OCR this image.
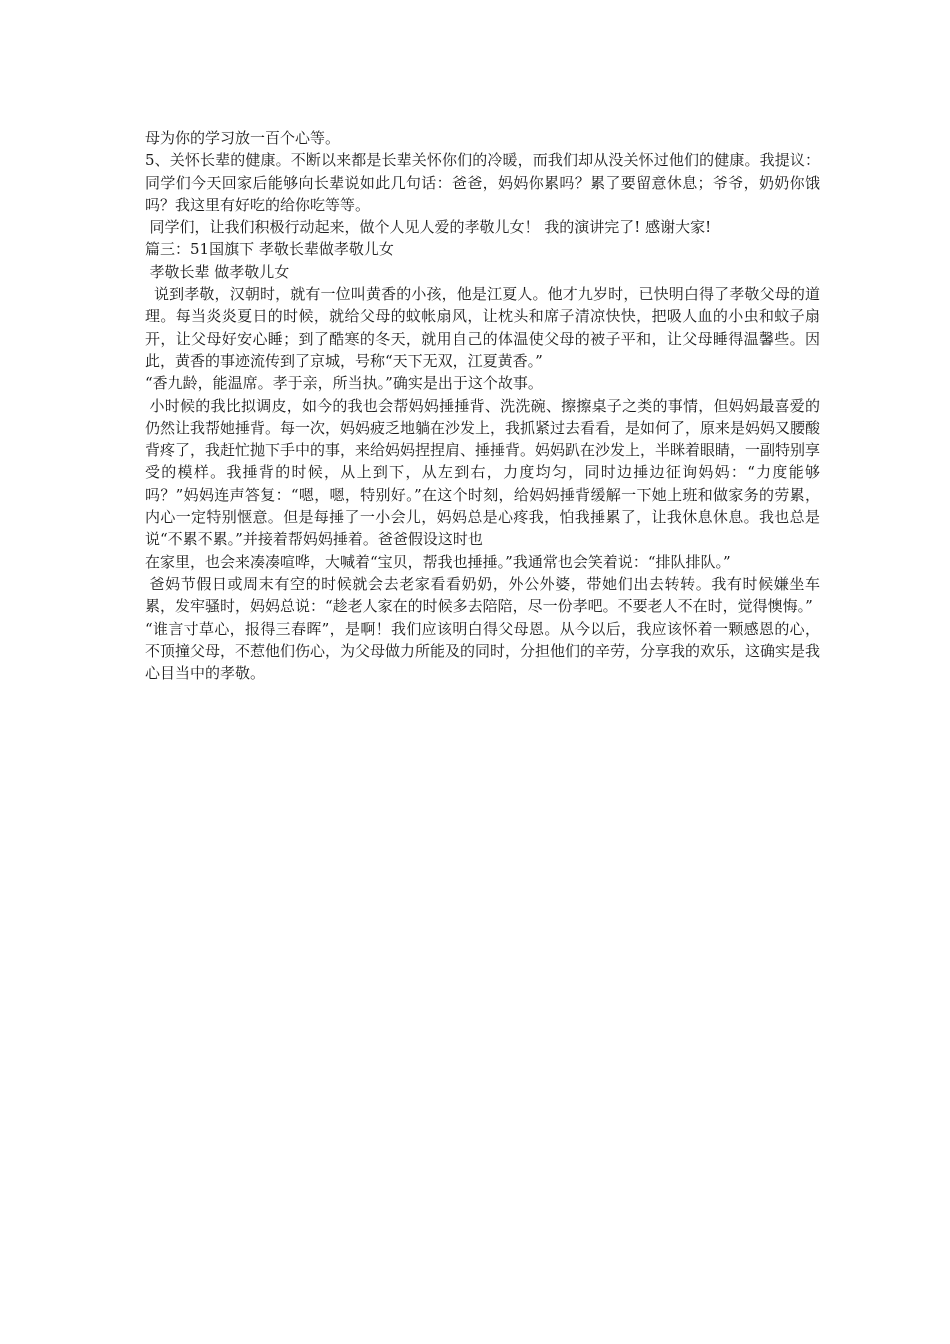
母为你的学习放一百个心等。

5、关怀长辈的健康。不断以来都是长辈关怀你们的冷暖，而我们却从没关怀过他们的健康。我提议：同学们今天回家后能够向长辈说如此几句话：爸爸，妈妈你累吗？累了要留意休息；爷爷，奶奶你饿吗？我这里有好吃的给你吃等等。

同学们，让我们积极行动起来，做个人见人爱的孝敬儿女！ 我的演讲完了! 感谢大家!

篇三：51国旗下 孝敬长辈做孝敬儿女

孝敬长辈 做孝敬儿女

说到孝敬，汉朝时，就有一位叫黄香的小孩，他是江夏人。他才九岁时，已快明白得了孝敬父母的道理。每当炎炎夏日的时候，就给父母的蚊帐扇风，让枕头和席子清凉快快，把吸人血的小虫和蚊子扇开，让父母好安心睡；到了酷寒的冬天，就用自己的体温使父母的被子平和，让父母睡得温馨些。因此，黄香的事迹流传到了京城，号称“天下无双，江夏黄香。”

“香九龄，能温席。孝于亲，所当执。”确实是出于这个故事。

小时候的我比拟调皮，如今的我也会帮妈妈捶捶背、洗洗碗、擦擦桌子之类的事情，但妈妈最喜爱的仍然让我帮她捶背。每一次，妈妈疲乏地躺在沙发上，我抓紧过去看看，是如何了，原来是妈妈又腰酸背疼了，我赶忙抛下手中的事，来给妈妈捏捏肩、捶捶背。妈妈趴在沙发上，半眯着眼睛，一副特别享受的模样。我捶背的时候，从上到下，从左到右，力度均匀，同时边捶边征询妈妈：“力度能够吗？”妈妈连声答复：“嗯，嗯，特别好。”在这个时刻，给妈妈捶背缓解一下她上班和做家务的劳累，内心一定特别惬意。但是每捶了一小会儿，妈妈总是心疼我，怕我捶累了，让我休息休息。我也总是说“不累不累。”并接着帮妈妈捶着。爸爸假设这时也

在家里，也会来凑凑喧哗，大喊着“宝贝，帮我也捶捶。”我通常也会笑着说：“排队排队。”

爸妈节假日或周末有空的时候就会去老家看看奶奶，外公外婆，带她们出去转转。我有时候嫌坐车累，发牢骚时，妈妈总说：“趁老人家在的时候多去陪陪，尽一份孝吧。不要老人不在时，觉得懊悔。”

“谁言寸草心，报得三春晖”，是啊！我们应该明白得父母恩。从今以后，我应该怀着一颗感恩的心，不顶撞父母，不惹他们伤心，为父母做力所能及的同时，分担他们的辛劳，分享我的欢乐，这确实是我心目当中的孝敬。
